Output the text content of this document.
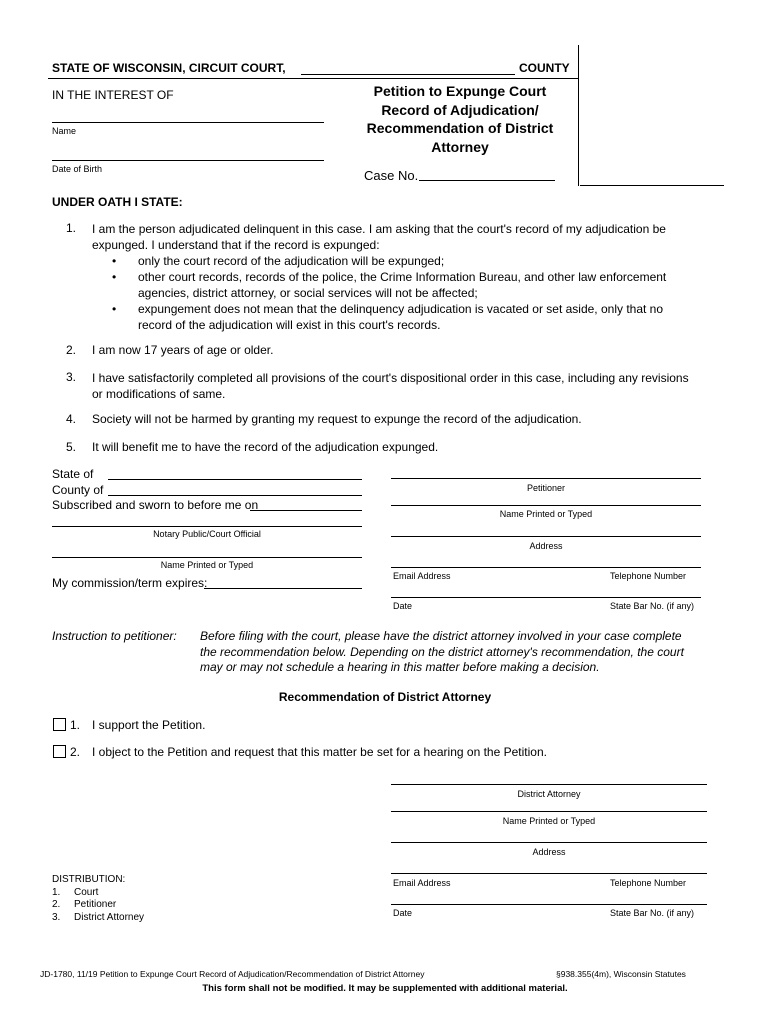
STATE OF WISCONSIN, CIRCUIT COURT,	COUNTY
IN THE INTEREST OF
Name
Date of Birth
Petition to Expunge Court
Record of Adjudication/
Recommendation of District
Attorney
Case No.
UNDER OATH I STATE:
1. I am the person adjudicated delinquent in this case. I am asking that the court's record of my adjudication be
expunged. I understand that if the record is expunged:
• only the court record of the adjudication will be expunged;
• other court records, records of the police, the Crime Information Bureau, and other law enforcement
agencies, district attorney, or social services will not be affected;
• expungement does not mean that the delinquency adjudication is vacated or set aside, only that no
record of the adjudication will exist in this court's records.
2. I am now 17 years of age or older.
3. I have satisfactorily completed all provisions of the court's dispositional order in this case, including any revisions
or modifications of same.
4. Society will not be harmed by granting my request to expunge the record of the adjudication.
5. It will benefit me to have the record of the adjudication expunged.
State of
County of
Subscribed and sworn to before me on
Notary Public/Court Official
Name Printed or Typed
My commission/term expires:
Petitioner
Name Printed or Typed
Address
Email Address	Telephone Number
Date	State Bar No. (if any)
Instruction to petitioner: Before filing with the court, please have the district attorney involved in your case complete
the recommendation below. Depending on the district attorney's recommendation, the court
may or may not schedule a hearing in this matter before making a decision.
Recommendation of District Attorney
1. I support the Petition.
2. I object to the Petition and request that this matter be set for a hearing on the Petition.
District Attorney
Name Printed or Typed
Address
Email Address	Telephone Number
Date	State Bar No. (if any)
DISTRIBUTION:
1. Court
2. Petitioner
3. District Attorney
JD-1780, 11/19 Petition to Expunge Court Record of Adjudication/Recommendation of District Attorney	§938.355(4m), Wisconsin Statutes
This form shall not be modified. It may be supplemented with additional material.
